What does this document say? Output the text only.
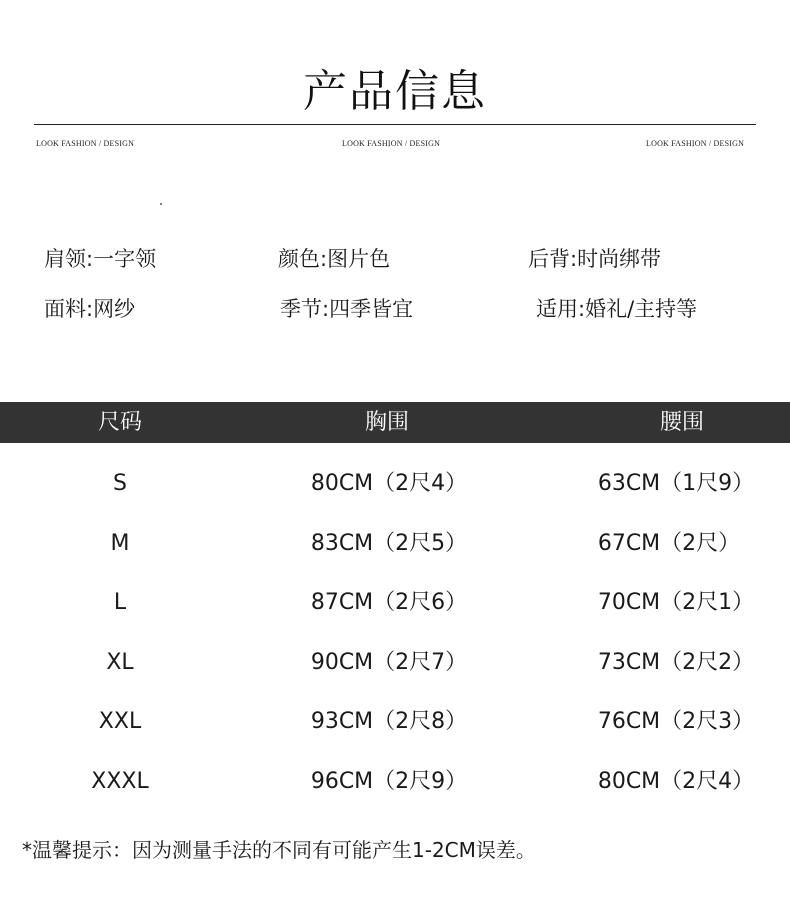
产品信息
LOOK FASHION / DESIGN	LOOK FASHION / DESIGN	LOOK FASHION / DESIGN
肩领:一字领	颜色:图片色	后背:时尚绑带
面料:网纱	季节:四季皆宜	适用:婚礼/主持等
尺码	胸围	腰围
S	80CM（2尺4）	63CM（1尺9）
M	83CM（2尺5）	67CM（2尺）
L	87CM（2尺6）	70CM（2尺1）
XL	90CM（2尺7）	73CM（2尺2）
XXL	93CM（2尺8）	76CM（2尺3）
XXXL	96CM（2尺9）	80CM（2尺4）
*温馨提示：因为测量手法的不同有可能产生1-2CM误差。
